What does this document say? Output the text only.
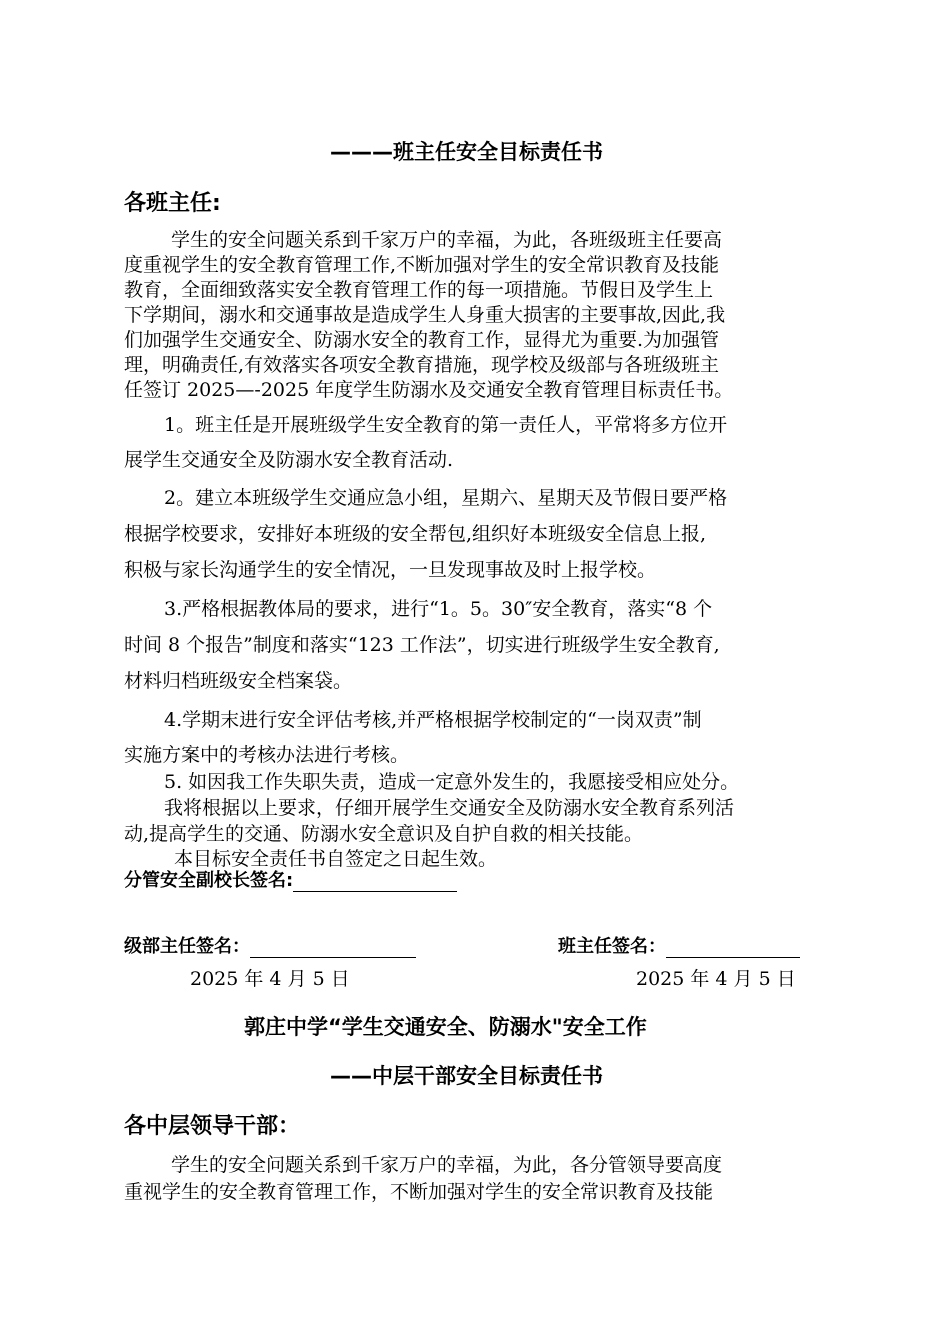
———班主任安全目标责任书
各班主任:
学生的安全问题关系到千家万户的幸福，为此，各班级班主任要高
度重视学生的安全教育管理工作,不断加强对学生的安全常识教育及技能
教育，全面细致落实安全教育管理工作的每一项措施。节假日及学生上
下学期间，溺水和交通事故是造成学生人身重大损害的主要事故,因此,我
们加强学生交通安全、防溺水安全的教育工作，显得尤为重要.为加强管
理，明确责任,有效落实各项安全教育措施，现学校及级部与各班级班主
任签订 2025—-2025 年度学生防溺水及交通安全教育管理目标责任书。
1。班主任是开展班级学生安全教育的第一责任人，平常将多方位开
展学生交通安全及防溺水安全教育活动.
2。建立本班级学生交通应急小组，星期六、星期天及节假日要严格
根据学校要求，安排好本班级的安全帮包,组织好本班级安全信息上报,
积极与家长沟通学生的安全情况，一旦发现事故及时上报学校。
3.严格根据教体局的要求，进行“1。5。30″安全教育，落实“8 个
时间 8 个报告”制度和落实“123 工作法”，切实进行班级学生安全教育,
材料归档班级安全档案袋。
4.学期末进行安全评估考核,并严格根据学校制定的“一岗双责”制
实施方案中的考核办法进行考核。
5. 如因我工作失职失责，造成一定意外发生的，我愿接受相应处分。
我将根据以上要求，仔细开展学生交通安全及防溺水安全教育系列活
动,提高学生的交通、防溺水安全意识及自护自救的相关技能。
本目标安全责任书自签定之日起生效。
分管安全副校长签名:
级部主任签名：	班主任签名：
2025 年 4 月 5 日	2025 年 4 月 5 日
郭庄中学“学生交通安全、防溺水"安全工作
——中层干部安全目标责任书
各中层领导干部：
学生的安全问题关系到千家万户的幸福，为此，各分管领导要高度
重视学生的安全教育管理工作，不断加强对学生的安全常识教育及技能
